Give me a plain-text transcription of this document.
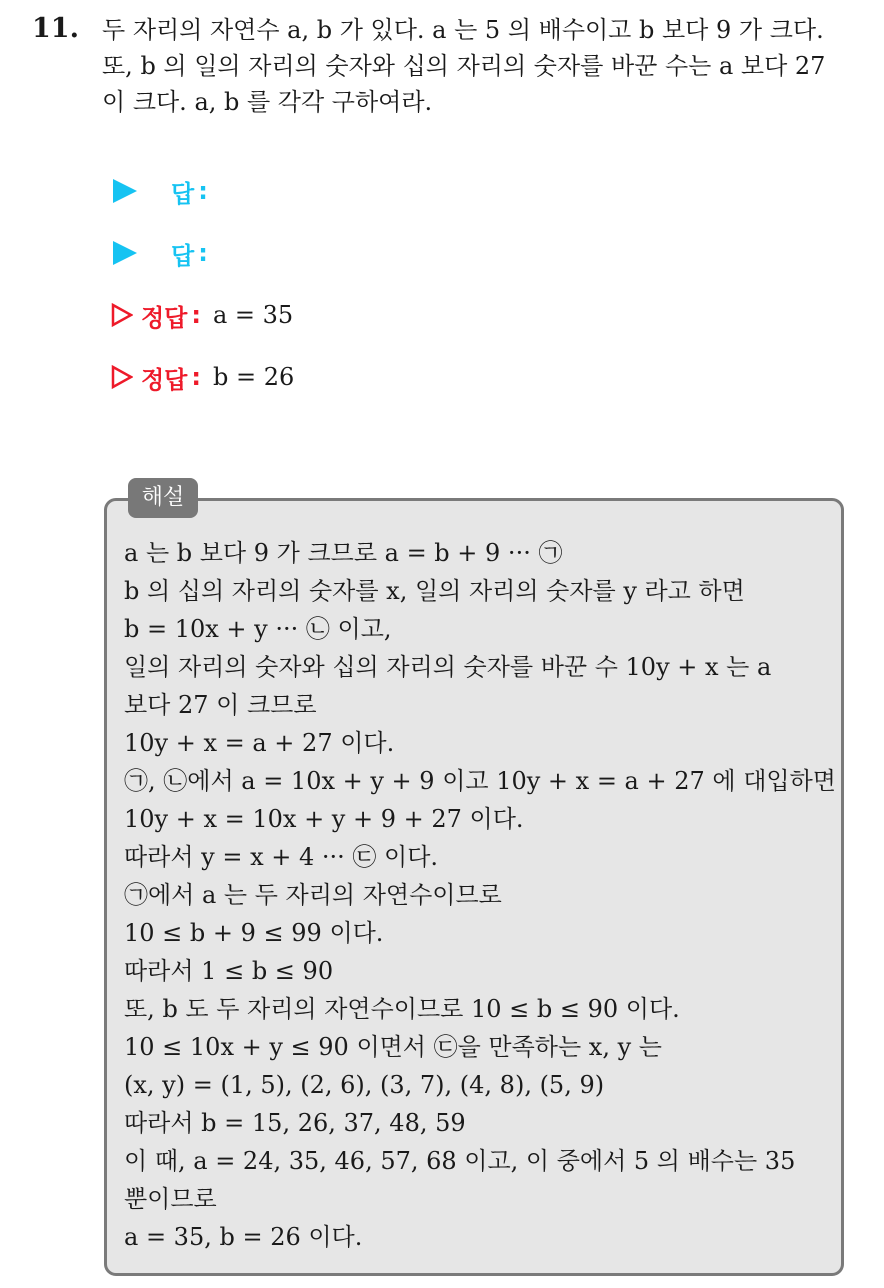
11. 두 자리의 자연수 a, b 가 있다. a 는 5 의 배수이고 b 보다 9 가 크다.
또, b 의 일의 자리의 숫자와 십의 자리의 숫자를 바꾼 수는 a 보다 27
이 크다. a, b 를 각각 구하여라.
답 :
답 :
정답 : a = 35
정답 : b = 26
해설
a 는 b 보다 9 가 크므로 a = b + 9 ··· ㉠
b 의 십의 자리의 숫자를 x, 일의 자리의 숫자를 y 라고 하면
b = 10x + y ··· ㉡ 이고,
일의 자리의 숫자와 십의 자리의 숫자를 바꾼 수 10y + x 는 a
보다 27 이 크므로
10y + x = a + 27 이다.
㉠, ㉡에서 a = 10x + y + 9 이고 10y + x = a + 27 에 대입하면
10y + x = 10x + y + 9 + 27 이다.
따라서 y = x + 4 ··· ㉢ 이다.
㉠에서 a 는 두 자리의 자연수이므로
10 ≤ b + 9 ≤ 99 이다.
따라서 1 ≤ b ≤ 90
또, b 도 두 자리의 자연수이므로 10 ≤ b ≤ 90 이다.
10 ≤ 10x + y ≤ 90 이면서 ㉢을 만족하는 x, y 는
(x, y) = (1, 5), (2, 6), (3, 7), (4, 8), (5, 9)
따라서 b = 15, 26, 37, 48, 59
이 때, a = 24, 35, 46, 57, 68 이고, 이 중에서 5 의 배수는 35
뿐이므로
a = 35, b = 26 이다.
